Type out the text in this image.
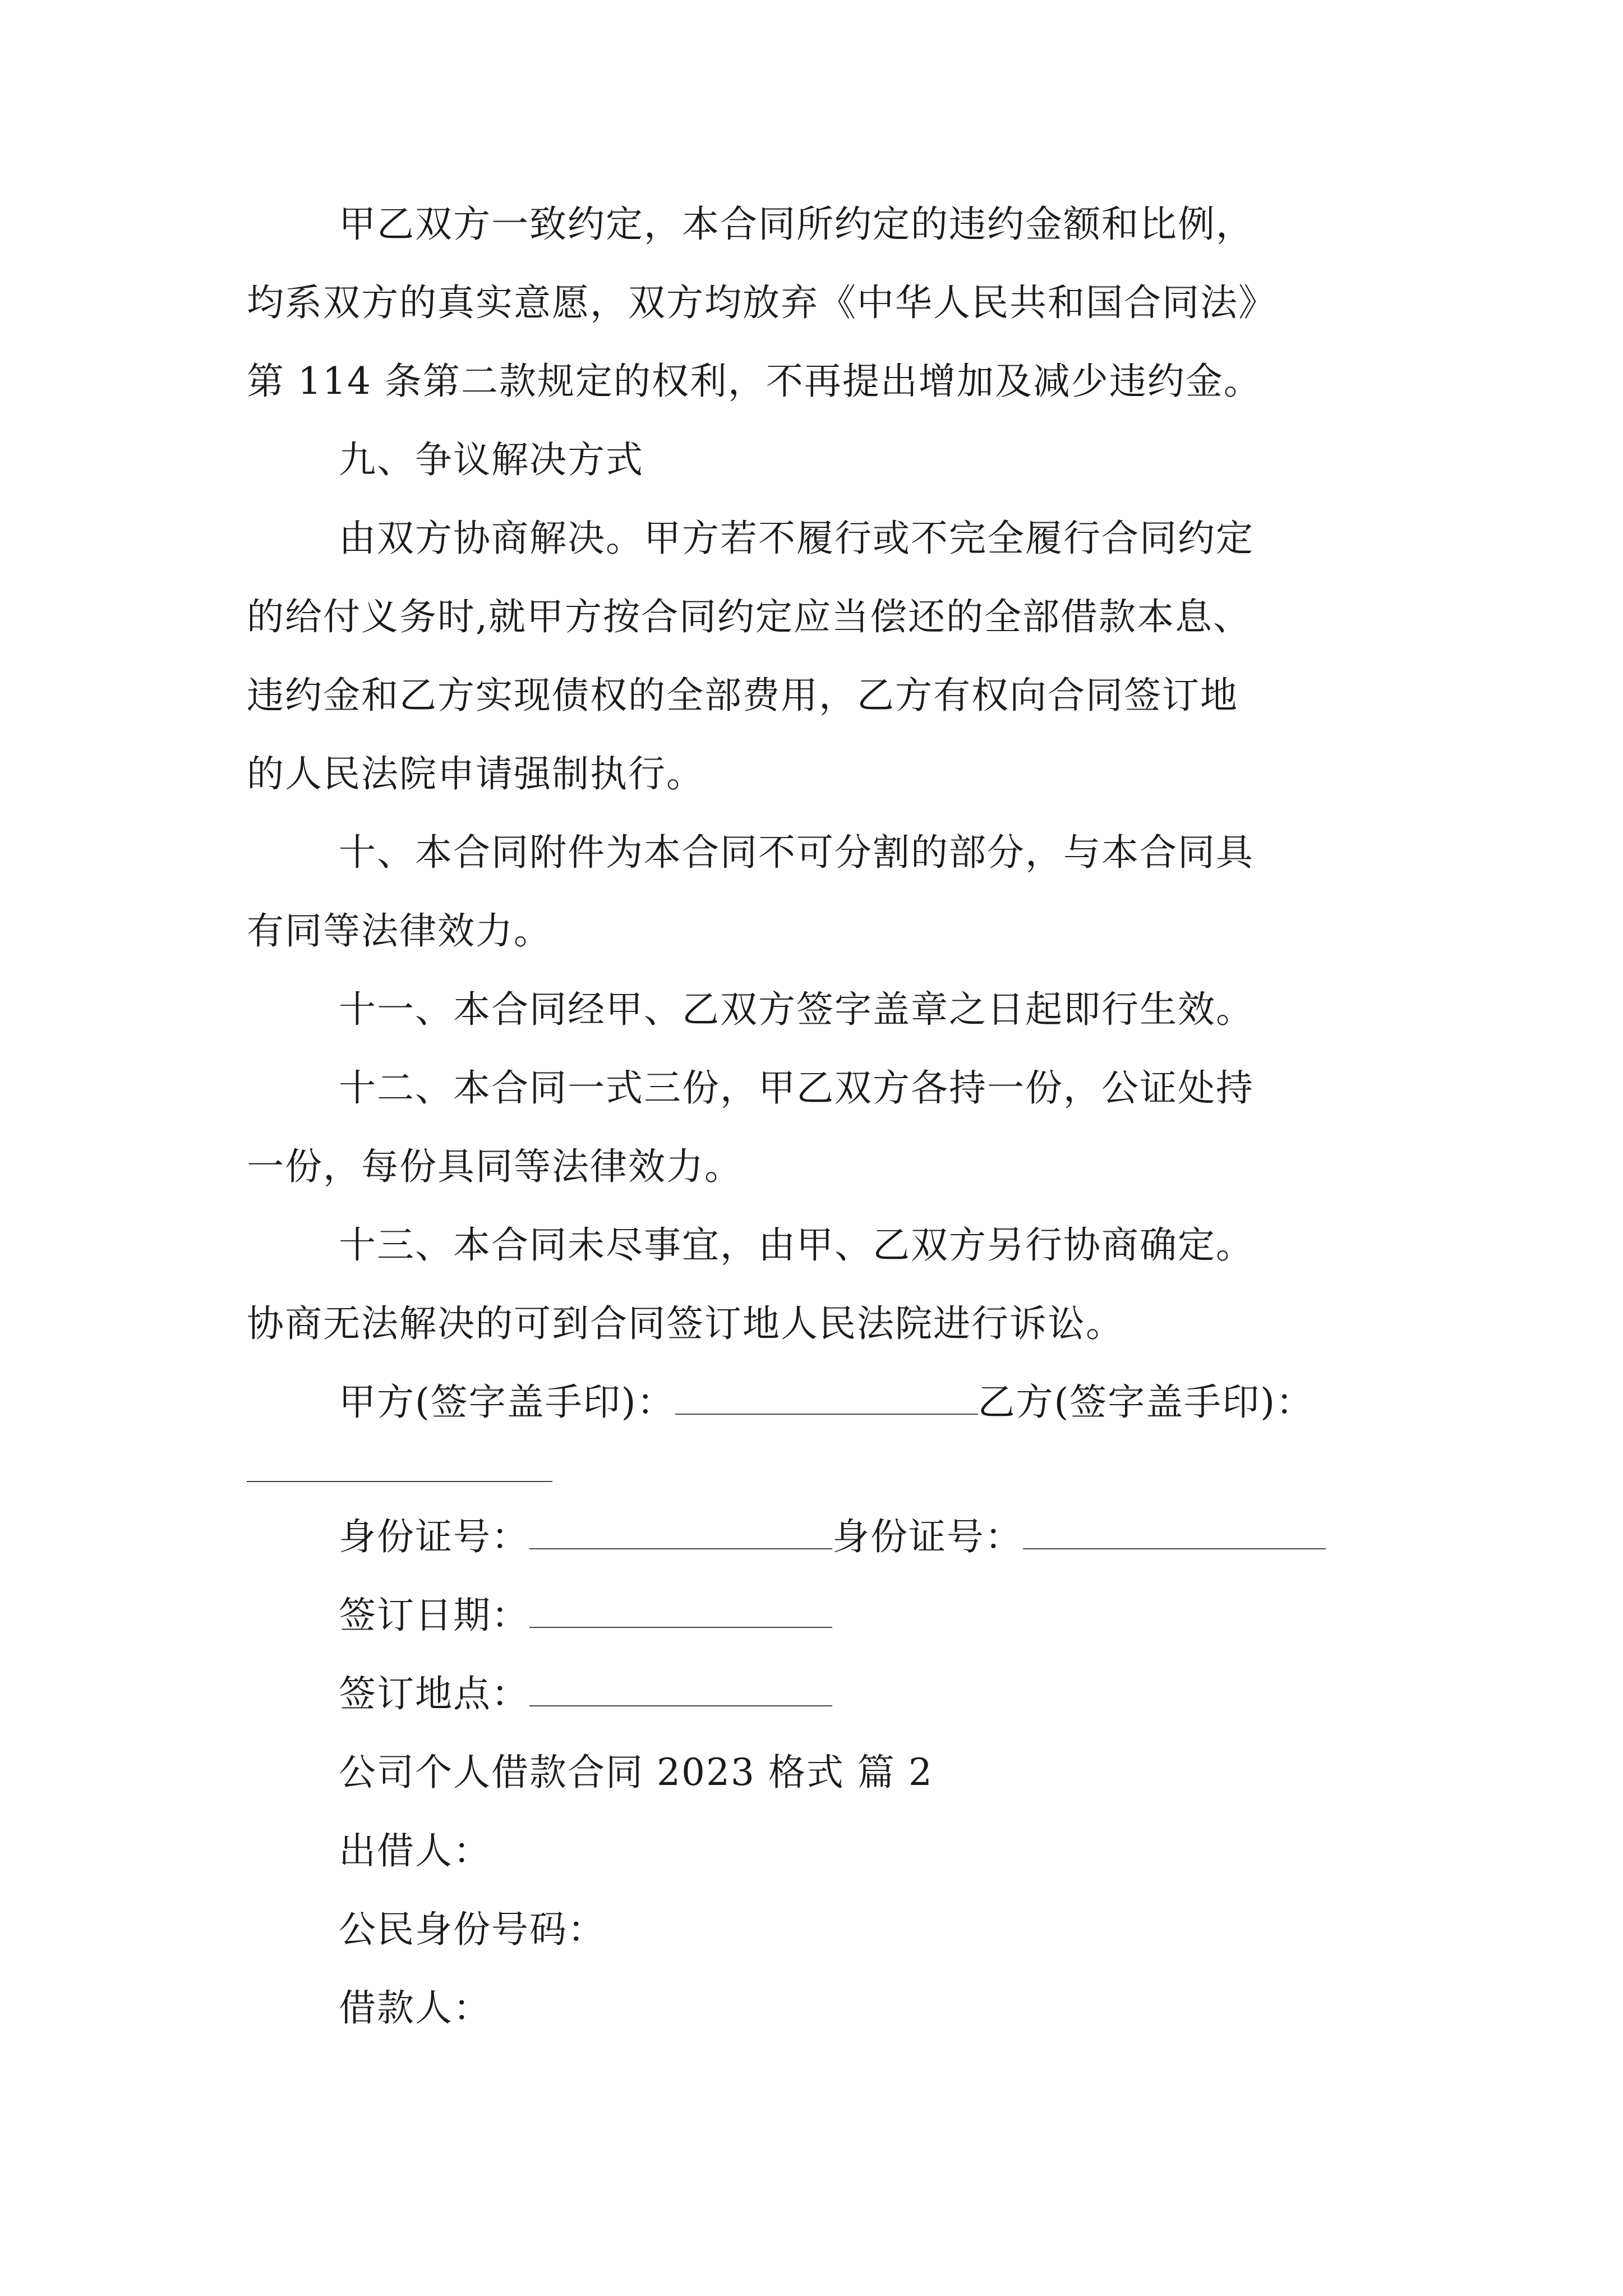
甲乙双方一致约定，本合同所约定的违约金额和比例，
均系双方的真实意愿，双方均放弃《中华人民共和国合同法》
第 114 条第二款规定的权利，不再提出增加及减少违约金。
九、争议解决方式
由双方协商解决。甲方若不履行或不完全履行合同约定
的给付义务时,就甲方按合同约定应当偿还的全部借款本息、
违约金和乙方实现债权的全部费用，乙方有权向合同签订地
的人民法院申请强制执行。
十、本合同附件为本合同不可分割的部分，与本合同具
有同等法律效力。
十一、本合同经甲、乙双方签字盖章之日起即行生效。
十二、本合同一式三份，甲乙双方各持一份，公证处持
一份，每份具同等法律效力。
十三、本合同未尽事宜，由甲、乙双方另行协商确定。
协商无法解决的可到合同签订地人民法院进行诉讼。
甲方(签字盖手印)：	乙方(签字盖手印)：
身份证号：	身份证号：
签订日期：
签订地点：
公司个人借款合同 2023 格式 篇 2
出借人：
公民身份号码：
借款人：
